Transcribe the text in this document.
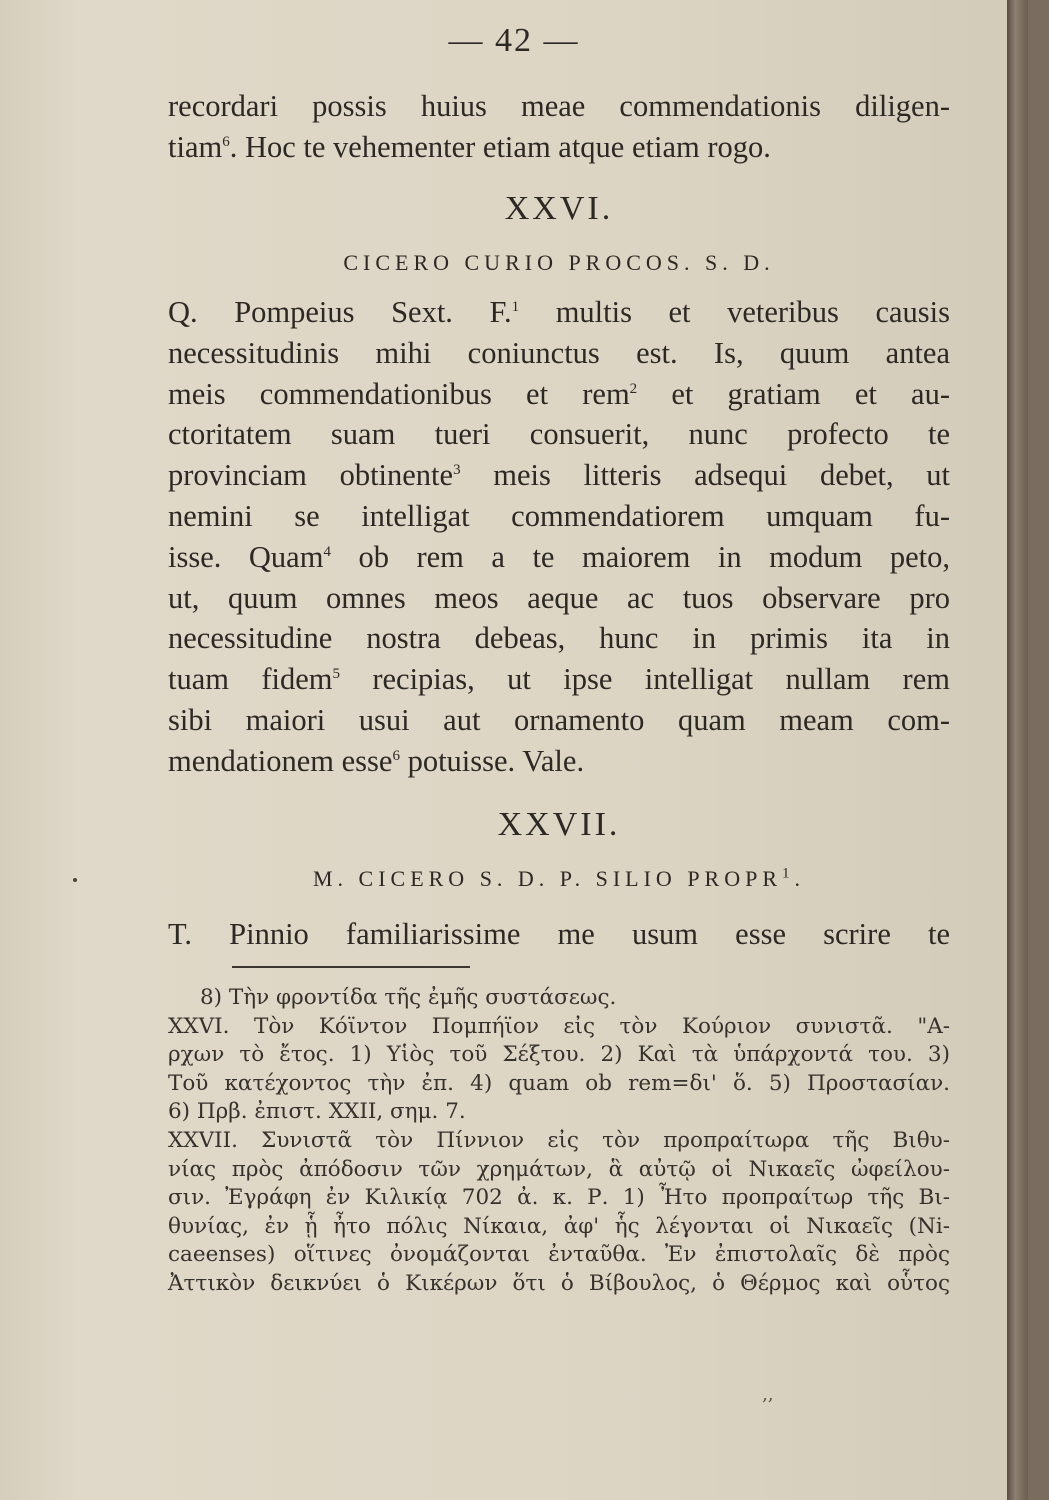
— 42 —

recordari possis huius meae commendationis diligen-

tiam$^6$. Hoc te vehementer etiam atque etiam rogo.

XXVI.

CICERO CURIO PROCOS. S. D.

Q. Pompeius Sext. F.$^1$ multis et veteribus causis

necessitudinis mihi coniunctus est. Is, quum antea

meis commendationibus et rem$^2$ et gratiam et au-

ctoritatem suam tueri consuerit, nunc profecto te

provinciam obtinente$^3$ meis litteris adsequi debet, ut

nemini se intelligat commendatiorem umquam fu-

isse. Quam$^4$ ob rem a te maiorem in modum peto,

ut, quum omnes meos aeque ac tuos observare pro

necessitudine nostra debeas, hunc in primis ita in

tuam fidem$^5$ recipias, ut ipse intelligat nullam rem

sibi maiori usui aut ornamento quam meam com-

mendationem esse$^6$ potuisse. Vale.

XXVII.

M. CICERO S. D. P. SILIO PROPR$^1$.

T. Pinnio familiarissime me usum esse scrire te

8) Τὴν φροντίδα τῆς ἐμῆς συστάσεως.

XXVI. Τὸν Κόϊντον Πομπήϊον εἰς τὸν Κούριον συνιστᾶ. "Α-

ρχων τὸ ἔτος. 1) Υἱὸς τοῦ Σέξτου. 2) Καὶ τὰ ὑπάρχοντά του. 3)

Τοῦ κατέχοντος τὴν ἐπ. 4) quam ob rem=δι' ὅ. 5) Προστασίαν.

6) Πρβ. ἐπιστ. XXII, σημ. 7.

XXVII. Συνιστᾶ τὸν Πίννιον εἰς τὸν προπραίτωρα τῆς Βιθυ-

νίας πρὸς ἀπόδοσιν τῶν χρημάτων, ἃ αὐτῷ οἱ Νικαεῖς ὠφείλου-

σιν. Ἐγράφη ἐν Κιλικίᾳ 702 ἀ. κ. Ρ. 1) Ἦτο προπραίτωρ τῆς Βι-

θυνίας, ἐν ᾗ ἦτο πόλις Νίκαια, ἀφ' ἧς λέγονται οἱ Νικαεῖς (Ni-

caeenses) οἵτινες ὀνομάζονται ἐνταῦθα. Ἐν ἐπιστολαῖς δὲ πρὸς

Ἀττικὸν δεικνύει ὁ Κικέρων ὅτι ὁ Βίβουλος, ὁ Θέρμος καὶ οὗτος

‚‚
